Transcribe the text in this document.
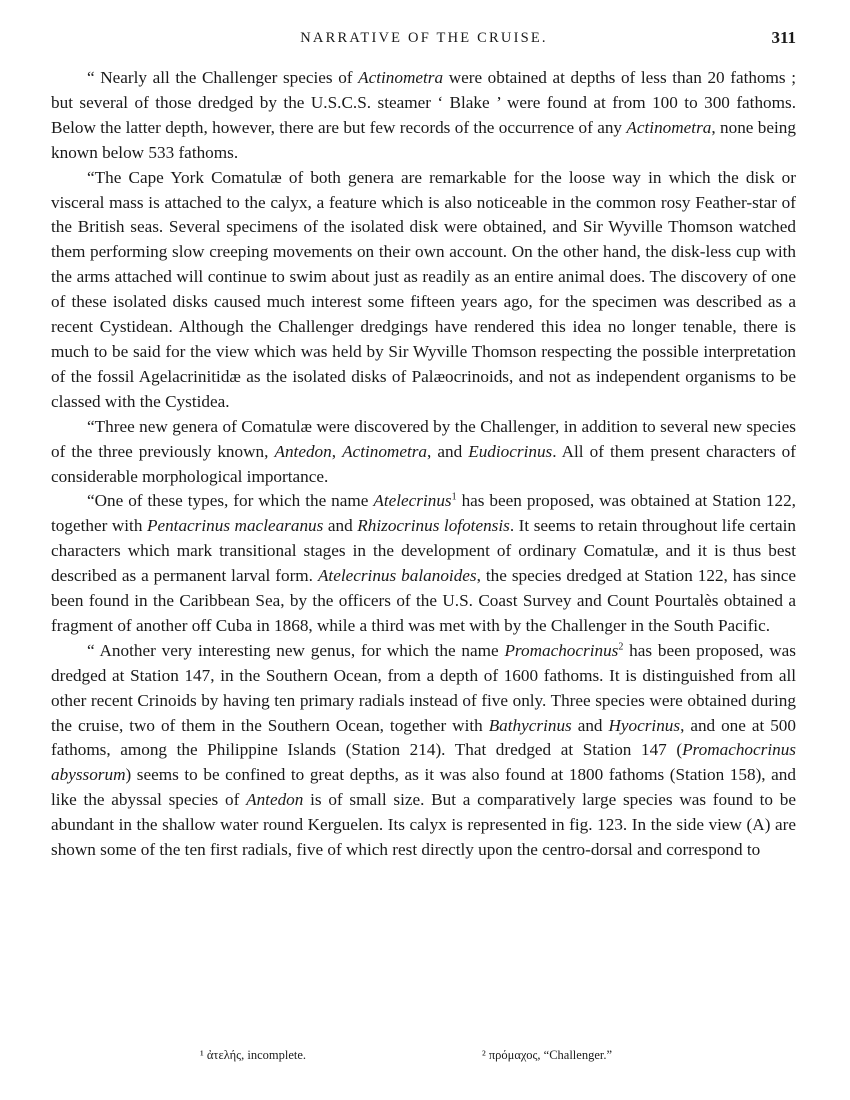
NARRATIVE OF THE CRUISE.	311

“ Nearly all the Challenger species of Actinometra were obtained at depths of less than 20 fathoms ; but several of those dredged by the U.S.C.S. steamer ‘ Blake ’ were found at from 100 to 300 fathoms. Below the latter depth, however, there are but few records of the occurrence of any Actinometra, none being known below 533 fathoms.

“The Cape York Comatulæ of both genera are remarkable for the loose way in which the disk or visceral mass is attached to the calyx, a feature which is also noticeable in the common rosy Feather-star of the British seas. Several specimens of the isolated disk were obtained, and Sir Wyville Thomson watched them performing slow creeping movements on their own account. On the other hand, the disk-less cup with the arms attached will continue to swim about just as readily as an entire animal does. The discovery of one of these isolated disks caused much interest some fifteen years ago, for the specimen was described as a recent Cystidean. Although the Challenger dredgings have rendered this idea no longer tenable, there is much to be said for the view which was held by Sir Wyville Thomson respecting the possible interpretation of the fossil Agelacrinitidæ as the isolated disks of Palæocrinoids, and not as independent organisms to be classed with the Cystidea.

“Three new genera of Comatulæ were discovered by the Challenger, in addition to several new species of the three previously known, Antedon, Actinometra, and Eudiocrinus. All of them present characters of considerable morphological importance.

“One of these types, for which the name Atelecrinus$^1$ has been proposed, was obtained at Station 122, together with Pentacrinus maclearanus and Rhizocrinus lofotensis. It seems to retain throughout life certain characters which mark transitional stages in the development of ordinary Comatulæ, and it is thus best described as a permanent larval form. Atelecrinus balanoides, the species dredged at Station 122, has since been found in the Caribbean Sea, by the officers of the U.S. Coast Survey and Count Pourtalès obtained a fragment of another off Cuba in 1868, while a third was met with by the Challenger in the South Pacific.

“ Another very interesting new genus, for which the name Promachocrinus$^2$ has been proposed, was dredged at Station 147, in the Southern Ocean, from a depth of 1600 fathoms. It is distinguished from all other recent Crinoids by having ten primary radials instead of five only. Three species were obtained during the cruise, two of them in the Southern Ocean, together with Bathycrinus and Hyocrinus, and one at 500 fathoms, among the Philippine Islands (Station 214). That dredged at Station 147 (Promachocrinus abyssorum) seems to be confined to great depths, as it was also found at 1800 fathoms (Station 158), and like the abyssal species of Antedon is of small size. But a comparatively large species was found to be abundant in the shallow water round Kerguelen. Its calyx is represented in fig. 123. In the side view (A) are shown some of the ten first radials, five of which rest directly upon the centro-dorsal and correspond to

¹ ἀτελής, incomplete.	² πρόμαχος, “Challenger.”
